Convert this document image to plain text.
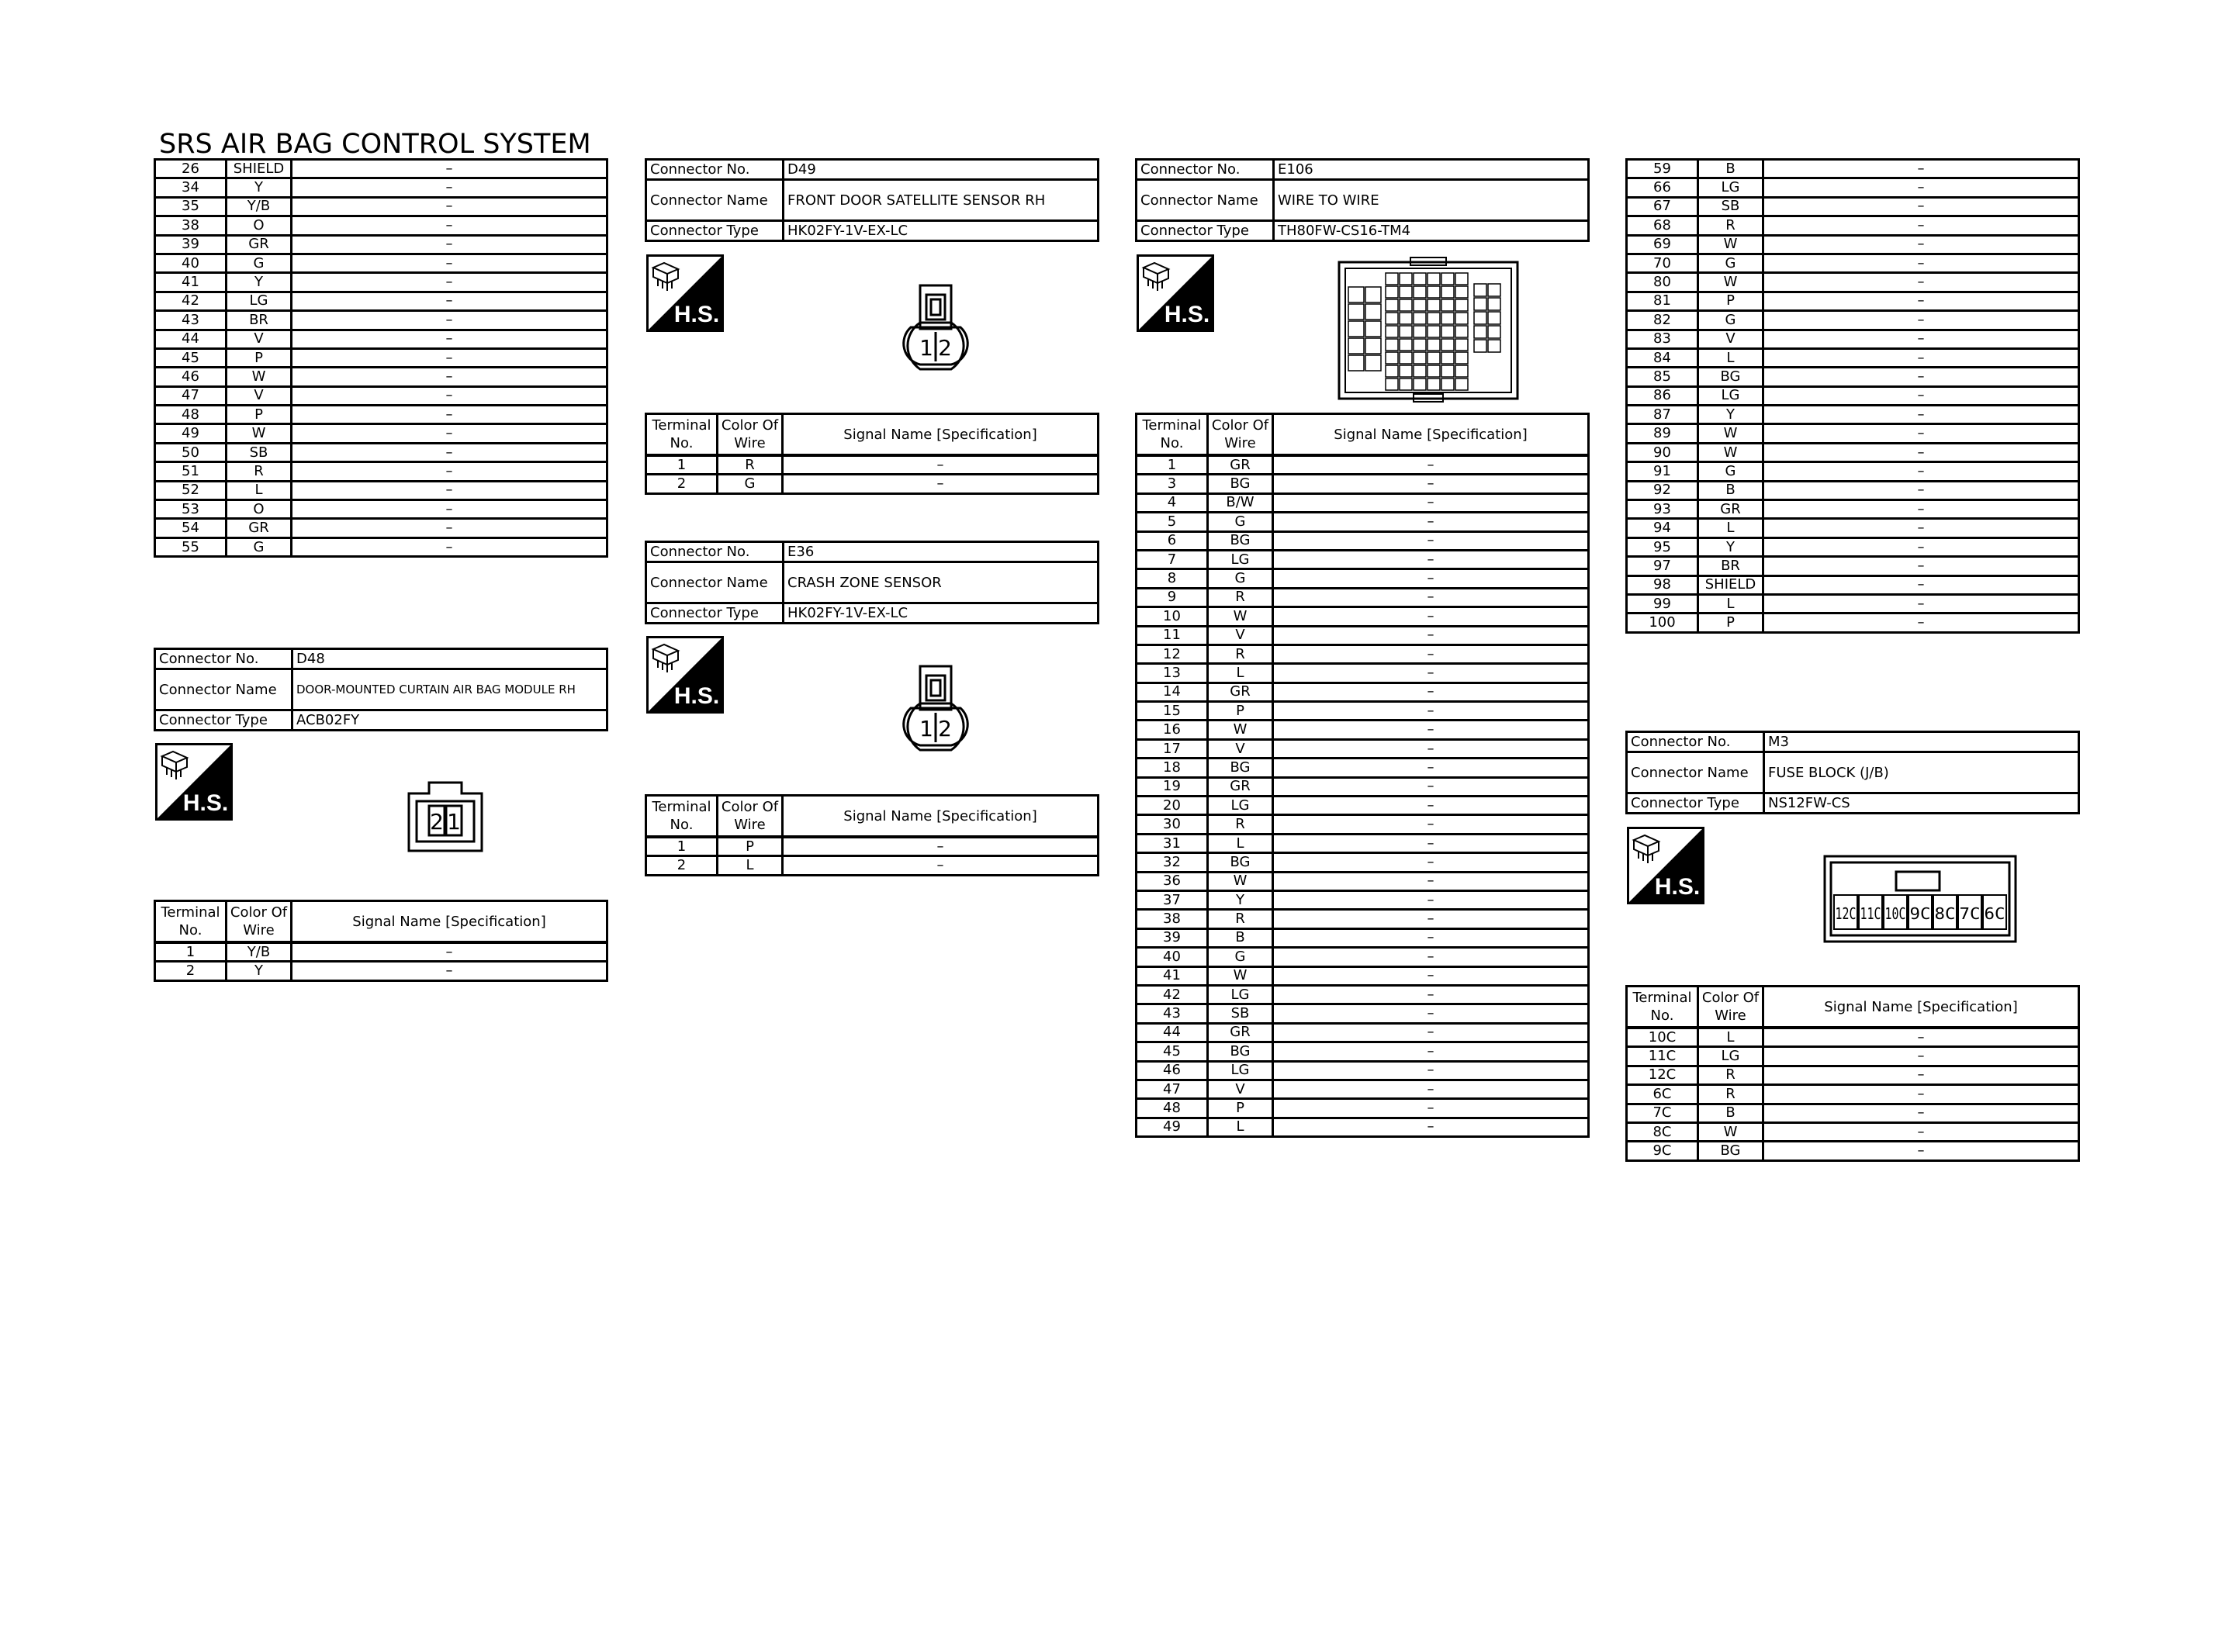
SRS AIR BAG CONTROL SYSTEM
26	SHIELD	–
34	Y	–
35	Y/B	–
38	O	–
39	GR	–
40	G	–
41	Y	–
42	LG	–
43	BR	–
44	V	–
45	P	–
46	W	–
47	V	–
48	P	–
49	W	–
50	SB	–
51	R	–
52	L	–
53	O	–
54	GR	–
55	G	–
Connector No.	D48
Connector Name	DOOR-MOUNTED CURTAIN AIR BAG MODULE RH
Connector Type	ACB02FY
H.S.
2 1
Terminal No.	Color Of Wire	Signal Name [Specification]
1	Y/B	–
2	Y	–
Connector No.	D49
Connector Name	FRONT DOOR SATELLITE SENSOR RH
Connector Type	HK02FY-1V-EX-LC
H.S.
1 2
Terminal No.	Color Of Wire	Signal Name [Specification]
1	R	–
2	G	–
Connector No.	E36
Connector Name	CRASH ZONE SENSOR
Connector Type	HK02FY-1V-EX-LC
H.S.
1 2
Terminal No.	Color Of Wire	Signal Name [Specification]
1	P	–
2	L	–
Connector No.	E106
Connector Name	WIRE TO WIRE
Connector Type	TH80FW-CS16-TM4
H.S.
Terminal No.	Color Of Wire	Signal Name [Specification]
1	GR	–
3	BG	–
4	B/W	–
5	G	–
6	BG	–
7	LG	–
8	G	–
9	R	–
10	W	–
11	V	–
12	R	–
13	L	–
14	GR	–
15	P	–
16	W	–
17	V	–
18	BG	–
19	GR	–
20	LG	–
30	R	–
31	L	–
32	BG	–
36	W	–
37	Y	–
38	R	–
39	B	–
40	G	–
41	W	–
42	LG	–
43	SB	–
44	GR	–
45	BG	–
46	LG	–
47	V	–
48	P	–
49	L	–
59	B	–
66	LG	–
67	SB	–
68	R	–
69	W	–
70	G	–
80	W	–
81	P	–
82	G	–
83	V	–
84	L	–
85	BG	–
86	LG	–
87	Y	–
89	W	–
90	W	–
91	G	–
92	B	–
93	GR	–
94	L	–
95	Y	–
97	BR	–
98	SHIELD	–
99	L	–
100	P	–
Connector No.	M3
Connector Name	FUSE BLOCK (J/B)
Connector Type	NS12FW-CS
H.S.
12C 11C 10C 9C 8C 7C 6C
Terminal No.	Color Of Wire	Signal Name [Specification]
10C	L	–
11C	LG	–
12C	R	–
6C	R	–
7C	B	–
8C	W	–
9C	BG	–
